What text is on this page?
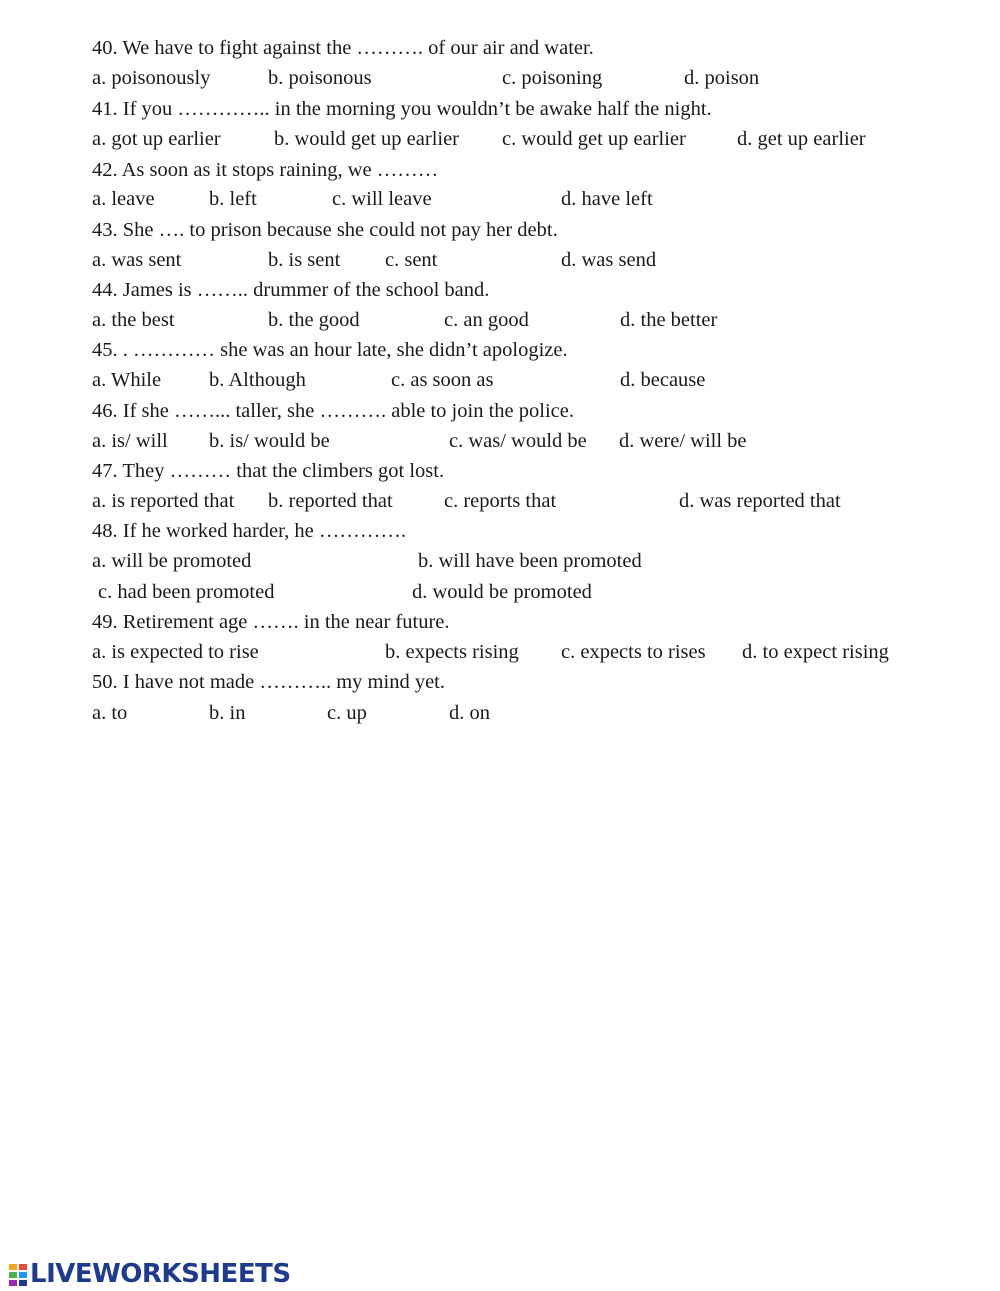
40. We have to fight against the ………. of our air and water.
a. poisonously	b. poisonous	c. poisoning	d. poison
41. If you ………….. in the morning you wouldn’t be awake half the night.
a. got up earlier	b. would get up earlier c. would get up earlier d. get up earlier
42. As soon as it stops raining, we ………
a. leave	b. left	c. will leave	d. have left
43. She …. to prison because she could not pay her debt.
a. was sent	b. is sent c. sent	d. was send
44. James is …….. drummer of the school band.
a. the best	b. the good	c. an good	d. the better
45. . ………… she was an hour late, she didn’t apologize.
a. While b. Although	c. as soon as	d. because
46. If she ……... taller, she ………. able to join the police.
a. is/ will b. is/ would be	c. was/ would be d. were/ will be
47. They ……… that the climbers got lost.
a. is reported that b. reported that	c. reports that	d. was reported that
48. If he worked harder, he ………….
a. will be promoted	b. will have been promoted
c. had been promoted	d. would be promoted
49. Retirement age ……. in the near future.
a. is expected to rise	b. expects rising c. expects to rises d. to expect rising
50. I have not made ……….. my mind yet.
a. to	b. in	c. up	d. on
LIVEWORKSHEETS
